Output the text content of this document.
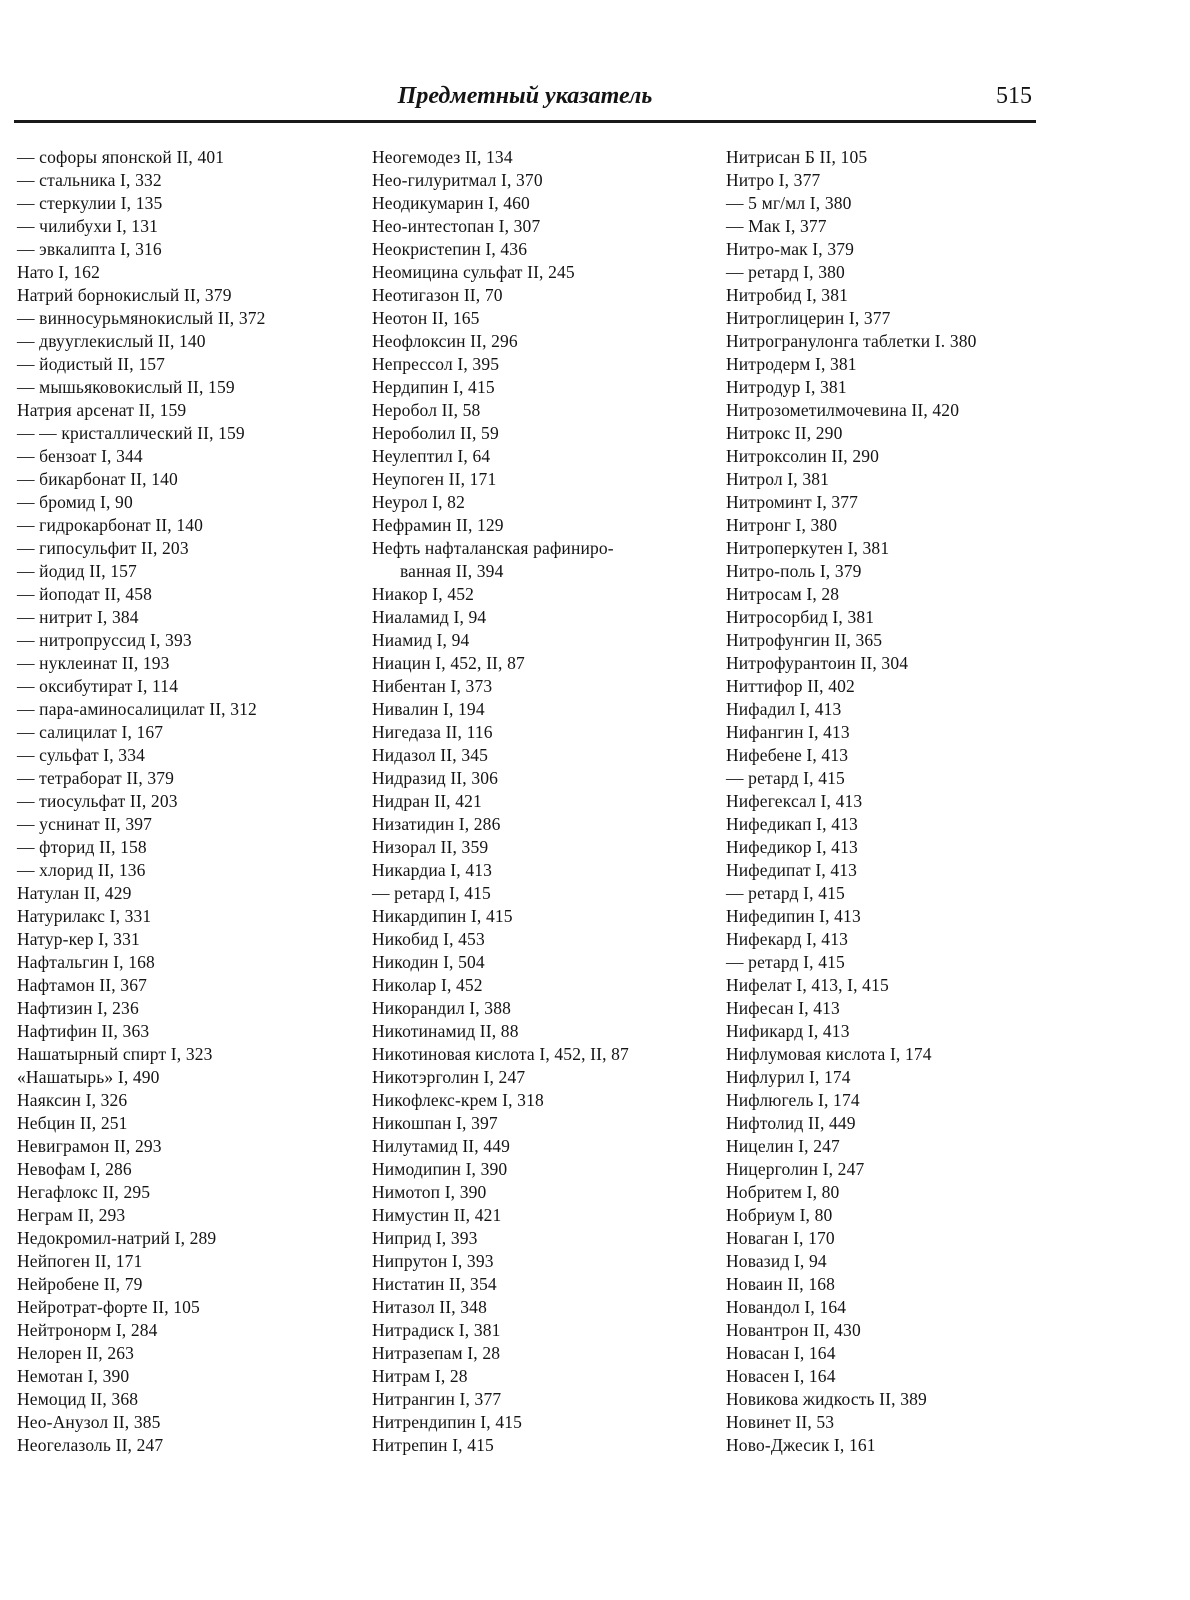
Предметный указатель	515
— софоры японской II, 401
— стальника I, 332
— стеркулии I, 135
— чилибухи I, 131
— эвкалипта I, 316
Нато I, 162
Натрий борнокислый II, 379
— винносурьмянокислый II, 372
— двууглекислый II, 140
— йодистый II, 157
— мышьяковокислый II, 159
Натрия арсенат II, 159
— — кристаллический II, 159
— бензоат I, 344
— бикарбонат II, 140
— бромид I, 90
— гидрокарбонат II, 140
— гипосульфит II, 203
— йодид II, 157
— йоподат II, 458
— нитрит I, 384
— нитропруссид I, 393
— нуклеинат II, 193
— оксибутират I, 114
— пара-аминосалицилат II, 312
— салицилат I, 167
— сульфат I, 334
— тетраборат II, 379
— тиосульфат II, 203
— уснинат II, 397
— фторид II, 158
— хлорид II, 136
Натулан II, 429
Натурилакс I, 331
Натур-кер I, 331
Нафтальгин I, 168
Нафтамон II, 367
Нафтизин I, 236
Нафтифин II, 363
Нашатырный спирт I, 323
«Нашатырь» I, 490
Наяксин I, 326
Небцин II, 251
Невиграмон II, 293
Невофам I, 286
Негафлокс II, 295
Неграм II, 293
Недокромил-натрий I, 289
Нейпоген II, 171
Нейробене II, 79
Нейротрат-форте II, 105
Нейтронорм I, 284
Нелорен II, 263
Немотан I, 390
Немоцид II, 368
Нео-Анузол II, 385
Неогелазоль II, 247
Неогемодез II, 134
Нео-гилуритмал I, 370
Неодикумарин I, 460
Нео-интестопан I, 307
Неокристепин I, 436
Неомицина сульфат II, 245
Неотигазон II, 70
Неотон II, 165
Неофлоксин II, 296
Непрессол I, 395
Нердипин I, 415
Неробол II, 58
Нероболил II, 59
Неулептил I, 64
Неупоген II, 171
Неурол I, 82
Нефрамин II, 129
Нефть нафталанская рафиниро-
ванная II, 394
Ниакор I, 452
Ниаламид I, 94
Ниамид I, 94
Ниацин I, 452, II, 87
Нибентан I, 373
Нивалин I, 194
Нигедаза II, 116
Нидазол II, 345
Нидразид II, 306
Нидран II, 421
Низатидин I, 286
Низорал II, 359
Никардиа I, 413
— ретард I, 415
Никардипин I, 415
Никобид I, 453
Никодин I, 504
Николар I, 452
Никорандил I, 388
Никотинамид II, 88
Никотиновая кислота I, 452, II, 87
Никотэрголин I, 247
Никофлекс-крем I, 318
Никошпан I, 397
Нилутамид II, 449
Нимодипин I, 390
Нимотоп I, 390
Нимустин II, 421
Ниприд I, 393
Нипрутон I, 393
Нистатин II, 354
Нитазол II, 348
Нитрадиск I, 381
Нитразепам I, 28
Нитрам I, 28
Нитрангин I, 377
Нитрендипин I, 415
Нитрепин I, 415
Нитрисан Б II, 105
Нитро I, 377
— 5 мг/мл I, 380
— Мак I, 377
Нитро-мак I, 379
— ретард I, 380
Нитробид I, 381
Нитроглицерин I, 377
Нитрогранулонга таблетки I. 380
Нитродерм I, 381
Нитродур I, 381
Нитрозометилмочевина II, 420
Нитрокс II, 290
Нитроксолин II, 290
Нитрол I, 381
Нитроминт I, 377
Нитронг I, 380
Нитроперкутен I, 381
Нитро-поль I, 379
Нитросам I, 28
Нитросорбид I, 381
Нитрофунгин II, 365
Нитрофурантоин II, 304
Ниттифор II, 402
Нифадил I, 413
Нифангин I, 413
Нифебене I, 413
— ретард I, 415
Нифегексал I, 413
Нифедикап I, 413
Нифедикор I, 413
Нифедипат I, 413
— ретард I, 415
Нифедипин I, 413
Нифекард I, 413
— ретард I, 415
Нифелат I, 413, I, 415
Нифесан I, 413
Нификард I, 413
Нифлумовая кислота I, 174
Нифлурил I, 174
Нифлюгель I, 174
Нифтолид II, 449
Ницелин I, 247
Ницерголин I, 247
Нобритем I, 80
Нобриум I, 80
Новаган I, 170
Новазид I, 94
Новаин II, 168
Новандол I, 164
Новантрон II, 430
Новасан I, 164
Новасен I, 164
Новикова жидкость II, 389
Новинет II, 53
Ново-Джесик I, 161
